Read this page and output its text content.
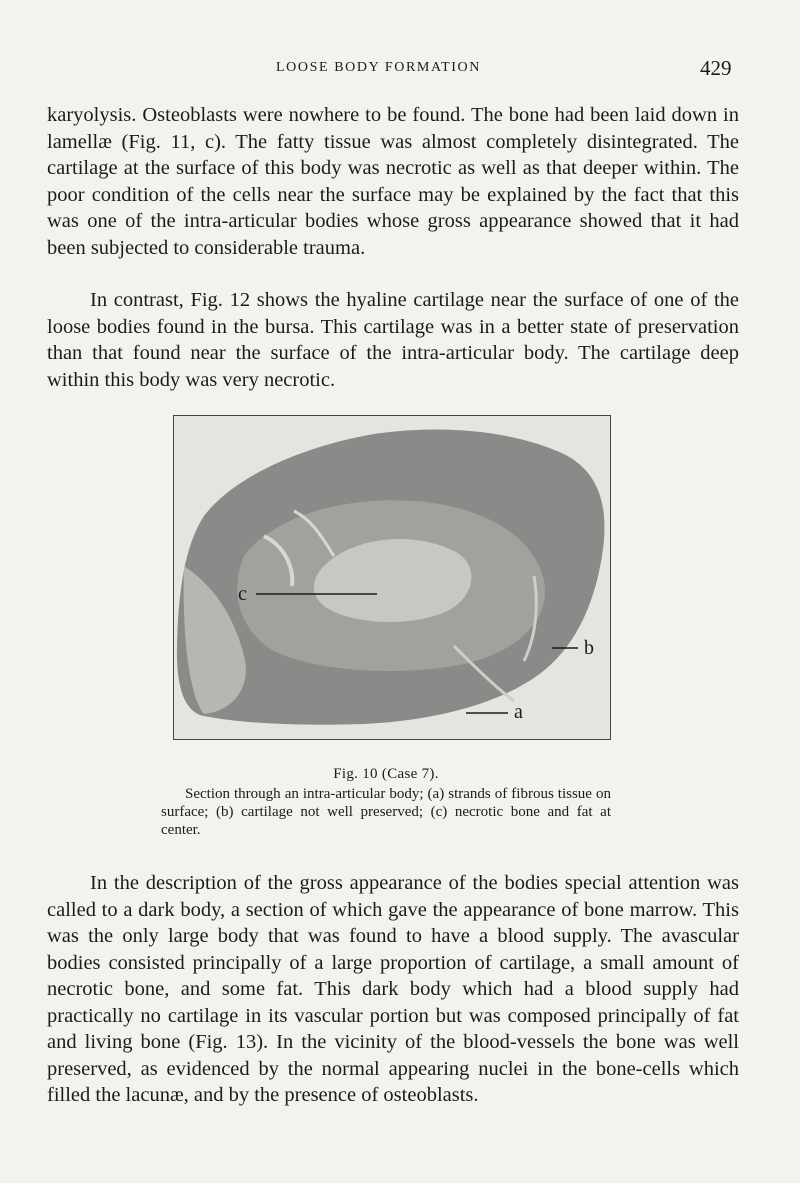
LOOSE BODY FORMATION	429

karyolysis. Osteoblasts were nowhere to be found. The bone had been laid down in lamellæ (Fig. 11, c). The fatty tissue was almost completely disintegrated. The cartilage at the surface of this body was necrotic as well as that deeper within. The poor condition of the cells near the surface may be explained by the fact that this was one of the intra-articular bodies whose gross appearance showed that it had been subjected to considerable trauma.

In contrast, Fig. 12 shows the hyaline cartilage near the surface of one of the loose bodies found in the bursa. This cartilage was in a better state of preservation than that found near the surface of the intra-articular body. The cartilage deep within this body was very necrotic.

c
b
a

Fig. 10 (Case 7).

Section through an intra-articular body; (a) strands of fibrous tissue on surface; (b) cartilage not well preserved; (c) necrotic bone and fat at center.

In the description of the gross appearance of the bodies special attention was called to a dark body, a section of which gave the appearance of bone marrow. This was the only large body that was found to have a blood supply. The avascular bodies consisted principally of a large proportion of cartilage, a small amount of necrotic bone, and some fat. This dark body which had a blood supply had practically no cartilage in its vascular portion but was composed principally of fat and living bone (Fig. 13). In the vicinity of the blood-vessels the bone was well preserved, as evidenced by the normal appearing nuclei in the bone-cells which filled the lacunæ, and by the presence of osteoblasts.
